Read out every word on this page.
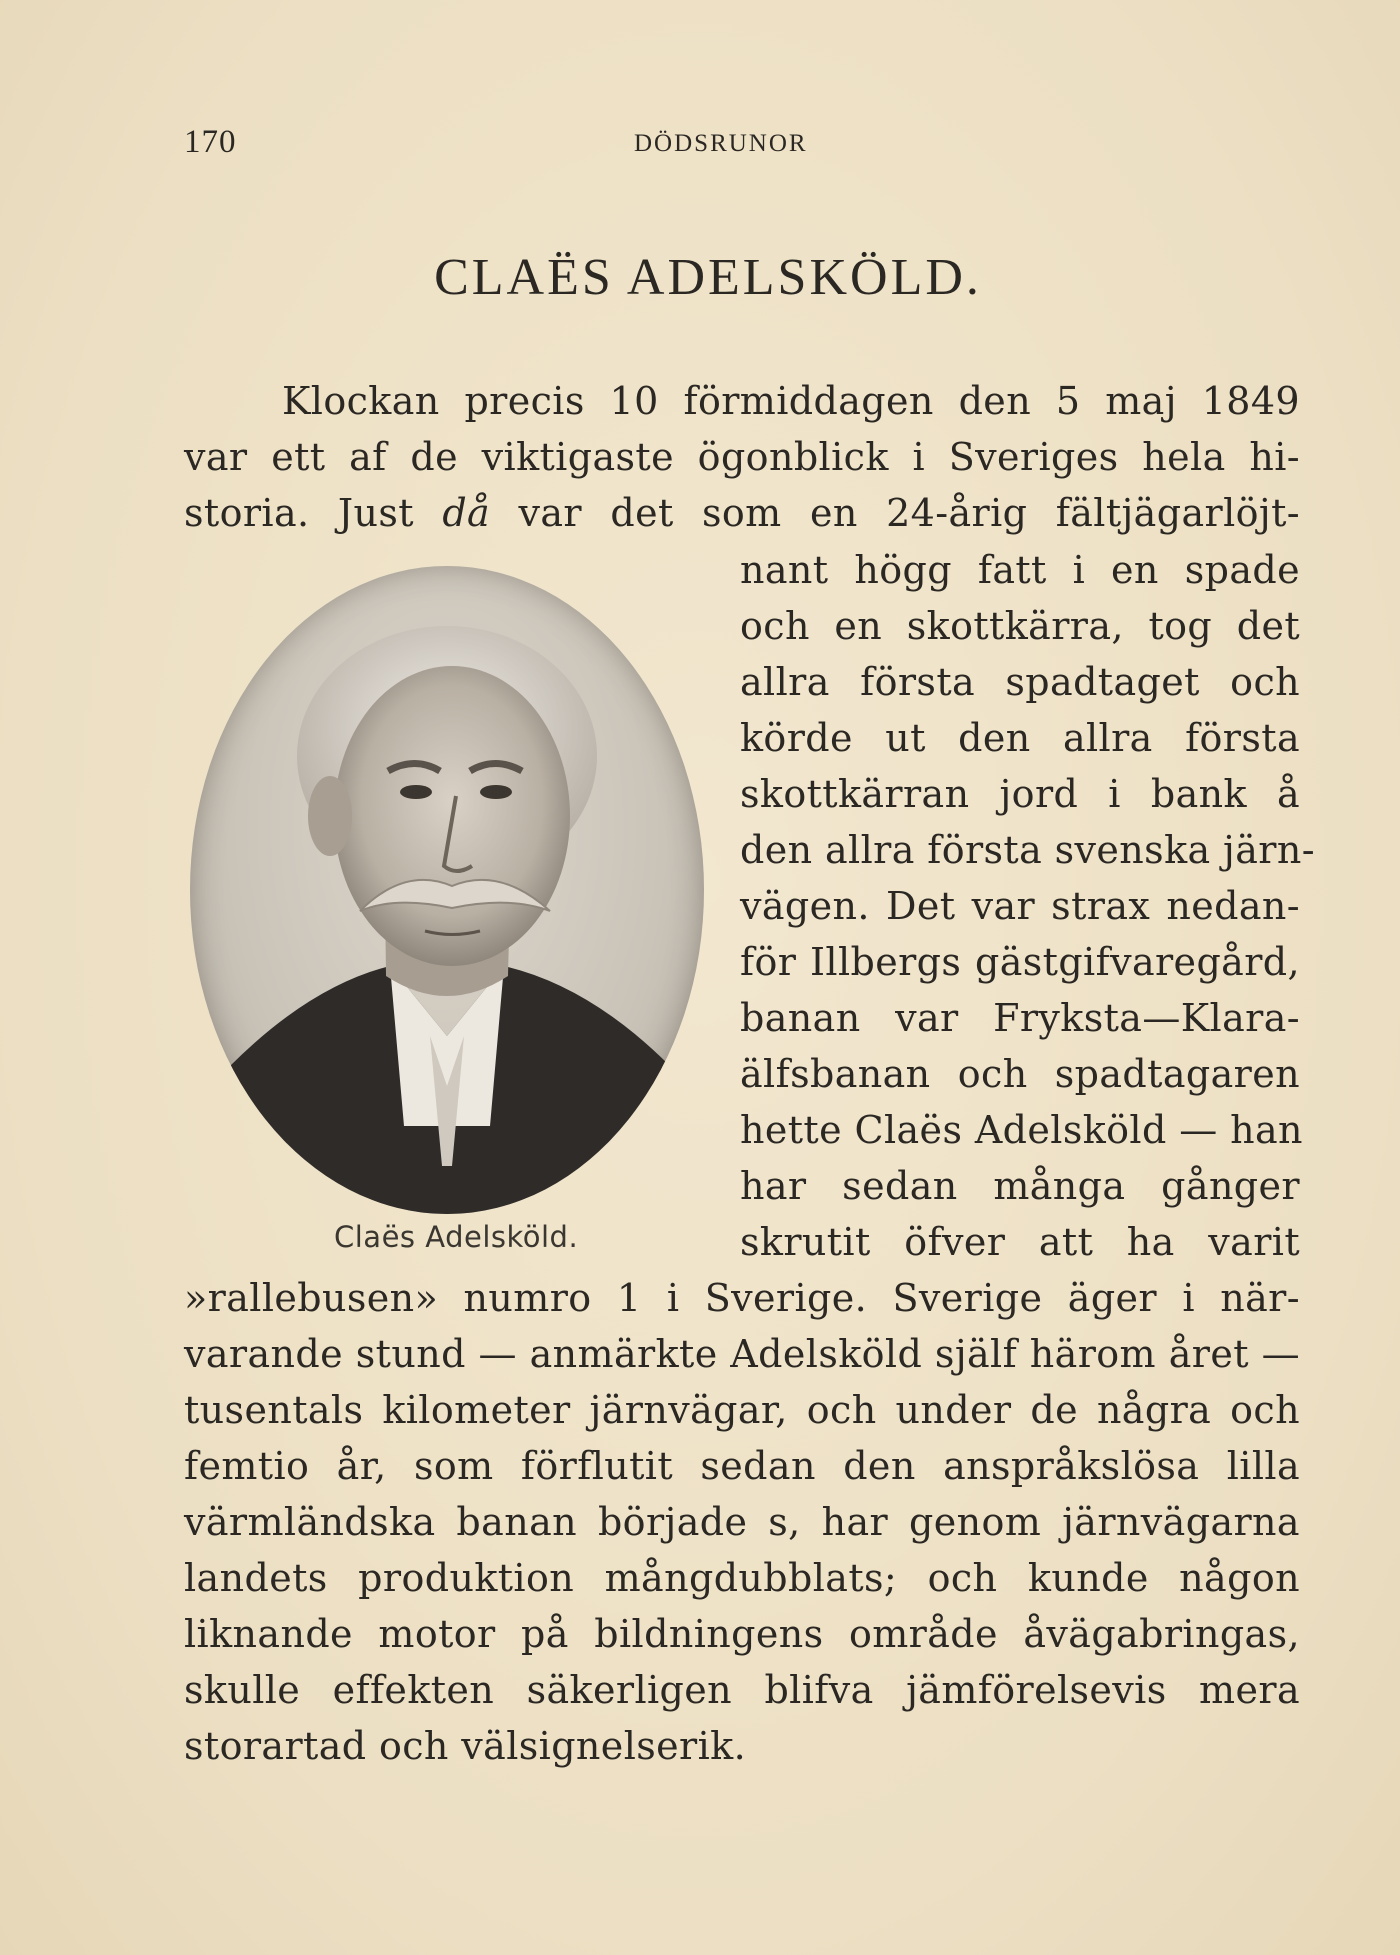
170	DÖDSRUNOR
CLAËS ADELSKÖLD.
Klockan precis 10 förmiddagen den 5 maj 1849
var ett af de viktigaste ögonblick i Sveriges hela hi-
storia. Just då var det som en 24-årig fältjägarlöjt-
nant högg fatt i en spade
och en skottkärra, tog det
allra första spadtaget och
körde ut den allra första
skottkärran jord i bank å
den allra första svenska järn-
vägen. Det var strax nedan-
för Illbergs gästgifvaregård,
banan var Fryksta—Klara-
älfsbanan och spadtagaren
hette Claës Adelsköld — han
har sedan många gånger
skrutit öfver att ha varit
Claës Adelsköld.
»rallebusen» numro 1 i Sverige. Sverige äger i när-
varande stund — anmärkte Adelsköld själf härom året —
tusentals kilometer järnvägar, och under de några och
femtio år, som förflutit sedan den anspråkslösa lilla
värmländska banan började s, har genom järnvägarna
landets produktion mångdubblats; och kunde någon
liknande motor på bildningens område åvägabringas,
skulle effekten säkerligen blifva jämförelsevis mera
storartad och välsignelserik.
